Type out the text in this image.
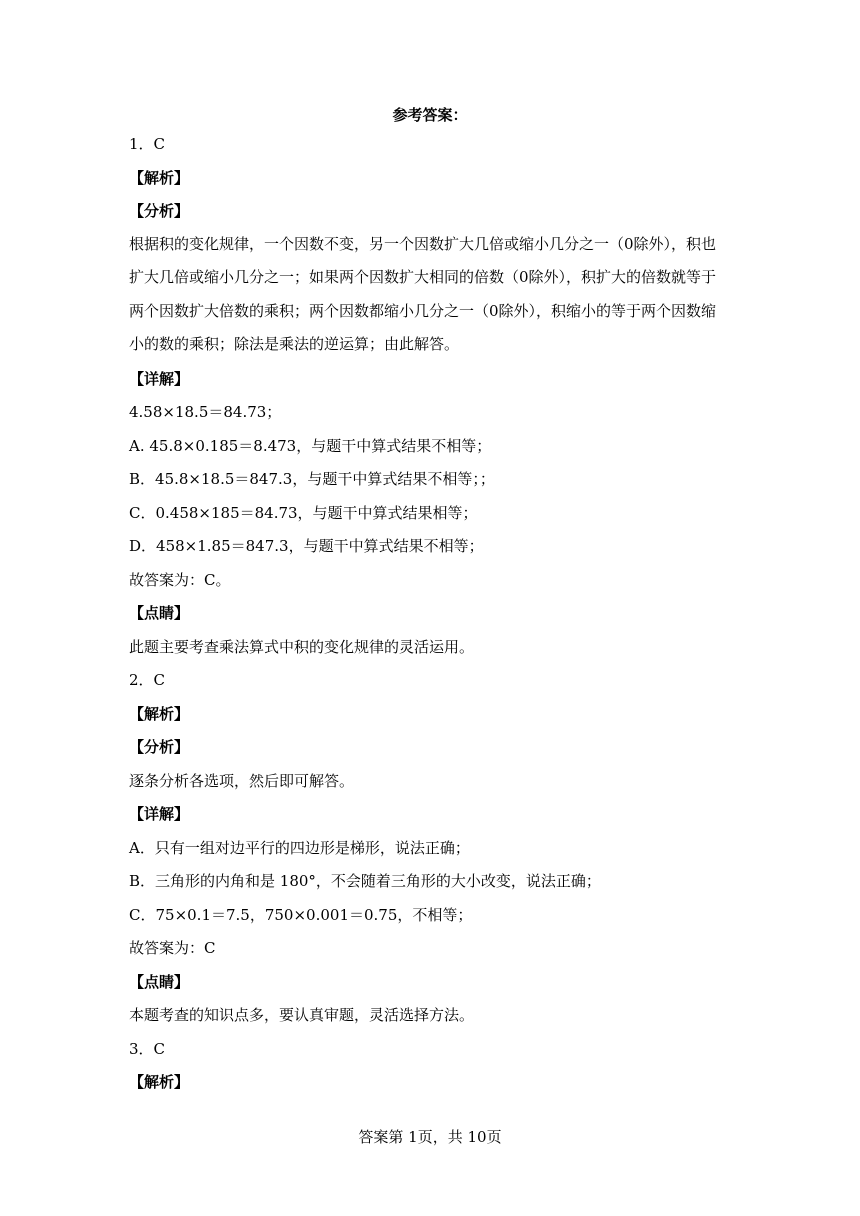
参考答案：
1．C
【解析】
【分析】
根据积的变化规律，一个因数不变，另一个因数扩大几倍或缩小几分之一（0除外），积也扩大几倍或缩小几分之一；如果两个因数扩大相同的倍数（0除外），积扩大的倍数就等于两个因数扩大倍数的乘积；两个因数都缩小几分之一（0除外），积缩小的等于两个因数缩小的数的乘积；除法是乘法的逆运算；由此解答。
【详解】
4.58×18.5＝84.73；
A. 45.8×0.185＝8.473，与题干中算式结果不相等；
B．45.8×18.5＝847.3，与题干中算式结果不相等；；
C．0.458×185＝84.73，与题干中算式结果相等；
D．458×1.85＝847.3，与题干中算式结果不相等；
故答案为：C。
【点睛】
此题主要考查乘法算式中积的变化规律的灵活运用。
2．C
【解析】
【分析】
逐条分析各选项，然后即可解答。
【详解】
A．只有一组对边平行的四边形是梯形，说法正确；
B．三角形的内角和是 180°，不会随着三角形的大小改变，说法正确；
C．75×0.1＝7.5，750×0.001＝0.75，不相等；
故答案为：C
【点睛】
本题考查的知识点多，要认真审题，灵活选择方法。
3．C
【解析】
答案第 1页，共 10页
